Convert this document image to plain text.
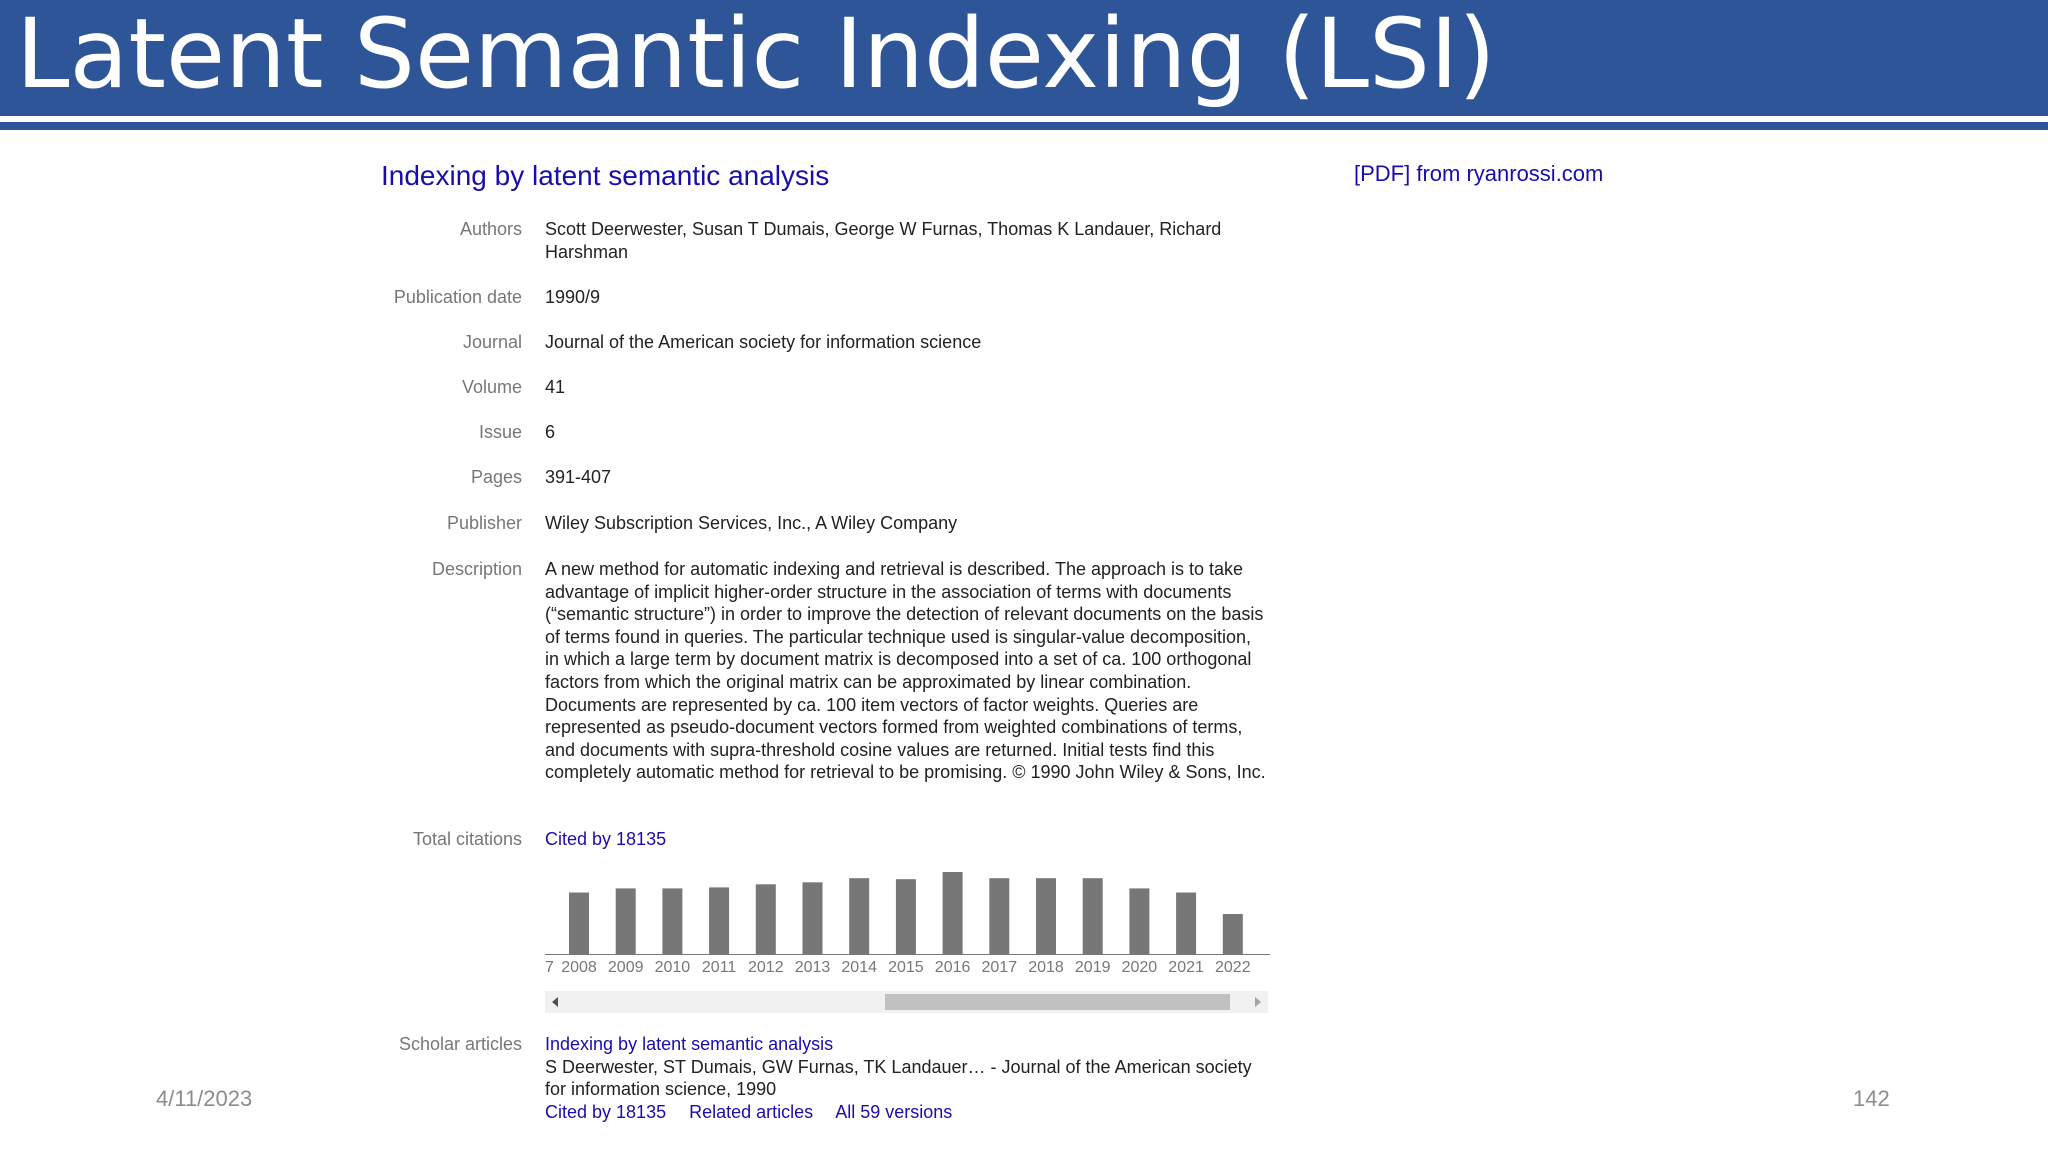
Latent Semantic Indexing (LSI)
Indexing by latent semantic analysis	[PDF] from ryanrossi.com
Authors Scott Deerwester, Susan T Dumais, George W Furnas, Thomas K Landauer, Richard Harshman
Publication date 1990/9
Journal Journal of the American society for information science
Volume 41
Issue 6
Pages 391-407
Publisher Wiley Subscription Services, Inc., A Wiley Company
Description A new method for automatic indexing and retrieval is described. The approach is to take advantage of implicit higher-order structure in the association of terms with documents (“semantic structure”) in order to improve the detection of relevant documents on the basis of terms found in queries. The particular technique used is singular-value decomposition, in which a large term by document matrix is decomposed into a set of ca. 100 orthogonal factors from which the original matrix can be approximated by linear combination. Documents are represented by ca. 100 item vectors of factor weights. Queries are represented as pseudo-document vectors formed from weighted combinations of terms, and documents with supra-threshold cosine values are returned. Initial tests find this completely automatic method for retrieval to be promising. © 1990 John Wiley & Sons, Inc.
Total citations Cited by 18135
7 2008 2009 2010 2011 2012 2013 2014 2015 2016 2017 2018 2019 2020 2021 2022
Scholar articles Indexing by latent semantic analysis
S Deerwester, ST Dumais, GW Furnas, TK Landauer… - Journal of the American society for information science, 1990
Cited by 18135 Related articles All 59 versions
4/11/2023	142
